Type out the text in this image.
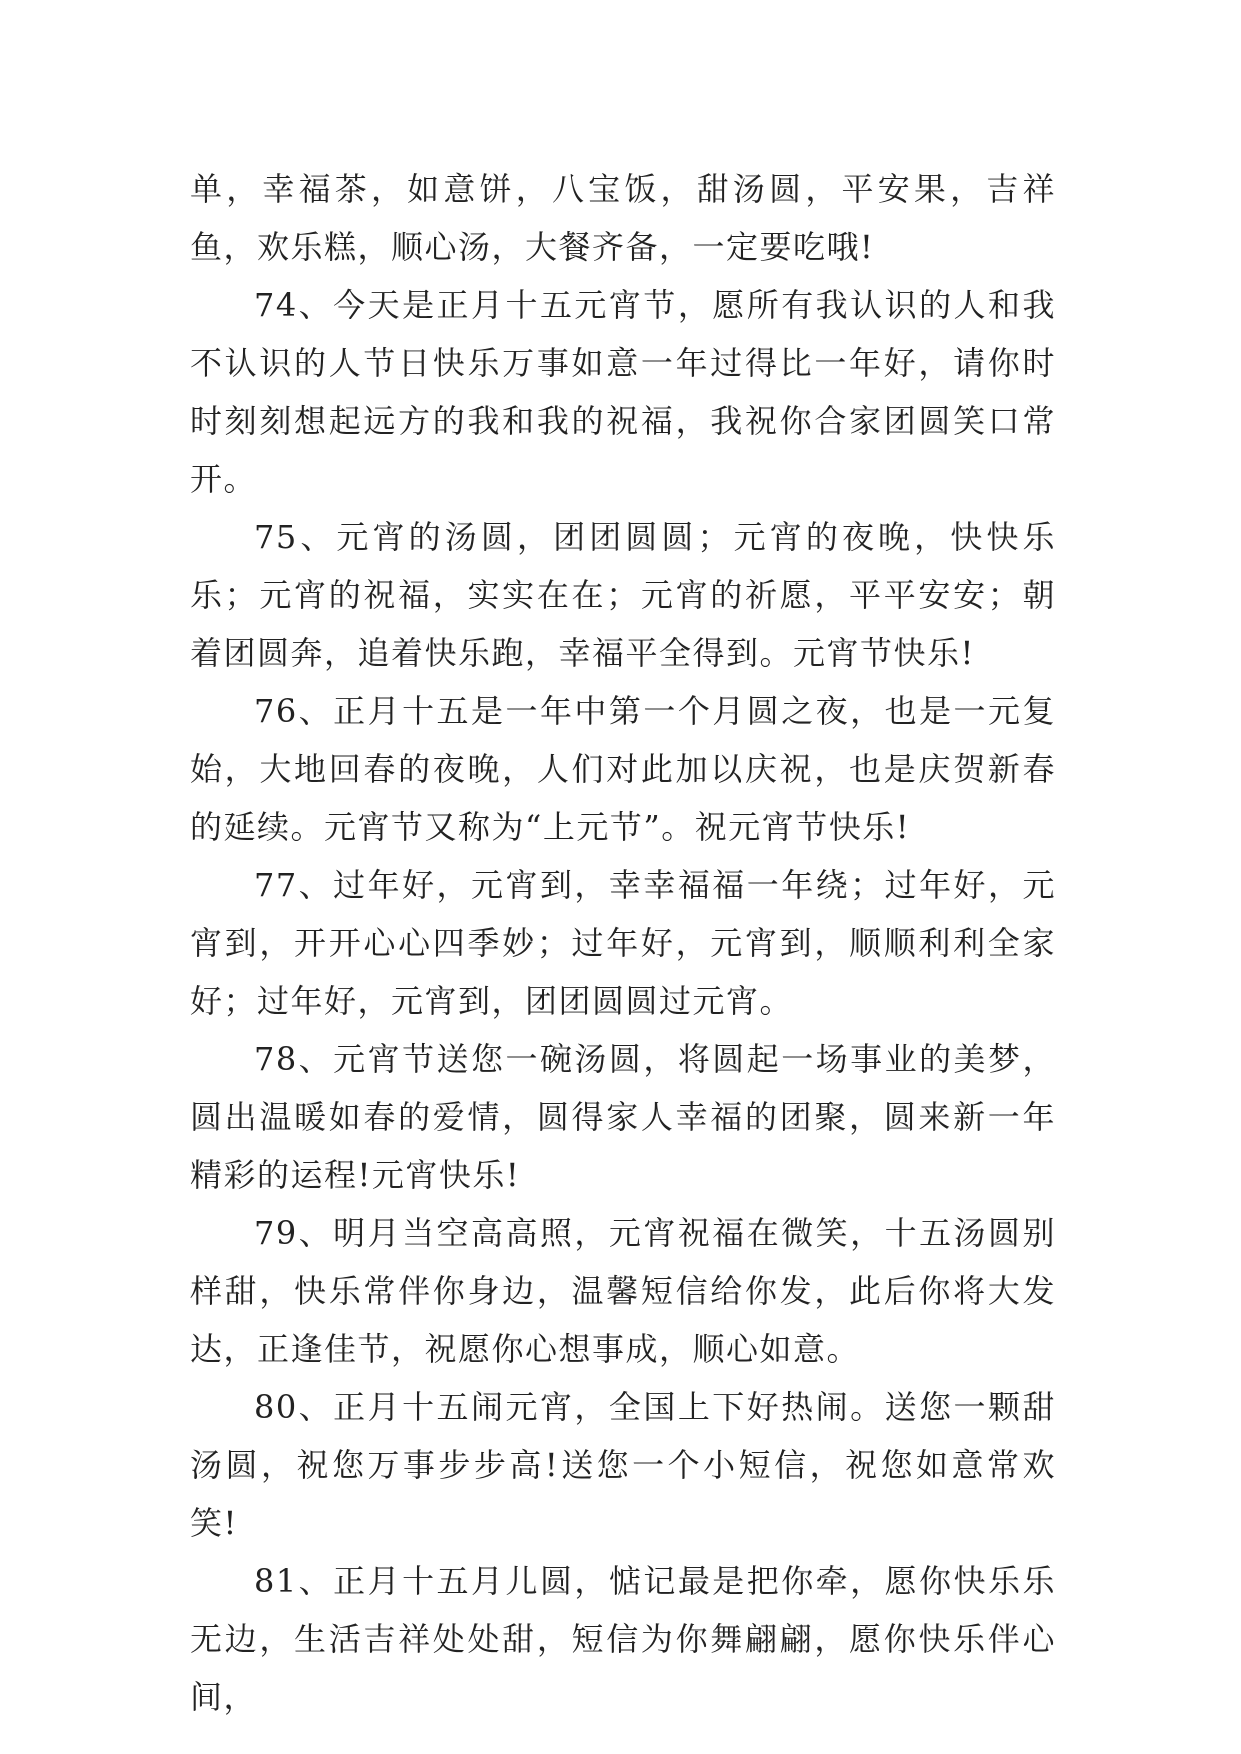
单，幸福茶，如意饼，八宝饭，甜汤圆，平安果，吉祥鱼，欢乐糕，顺心汤，大餐齐备，一定要吃哦!

74、今天是正月十五元宵节，愿所有我认识的人和我不认识的人节日快乐万事如意一年过得比一年好，请你时时刻刻想起远方的我和我的祝福，我祝你合家团圆笑口常开。

75、元宵的汤圆，团团圆圆；元宵的夜晚，快快乐乐；元宵的祝福，实实在在；元宵的祈愿，平平安安；朝着团圆奔，追着快乐跑，幸福平全得到。元宵节快乐!

76、正月十五是一年中第一个月圆之夜，也是一元复始，大地回春的夜晚，人们对此加以庆祝，也是庆贺新春的延续。元宵节又称为“上元节”。祝元宵节快乐!

77、过年好，元宵到，幸幸福福一年绕；过年好，元宵到，开开心心四季妙；过年好，元宵到，顺顺利利全家好；过年好，元宵到，团团圆圆过元宵。

78、元宵节送您一碗汤圆，将圆起一场事业的美梦，圆出温暖如春的爱情，圆得家人幸福的团聚，圆来新一年精彩的运程!元宵快乐!

79、明月当空高高照，元宵祝福在微笑，十五汤圆别样甜，快乐常伴你身边，温馨短信给你发，此后你将大发达，正逢佳节，祝愿你心想事成，顺心如意。

80、正月十五闹元宵，全国上下好热闹。送您一颗甜汤圆，祝您万事步步高!送您一个小短信，祝您如意常欢笑!

81、正月十五月儿圆，惦记最是把你牵，愿你快乐乐无边，生活吉祥处处甜，短信为你舞翩翩，愿你快乐伴心间，
